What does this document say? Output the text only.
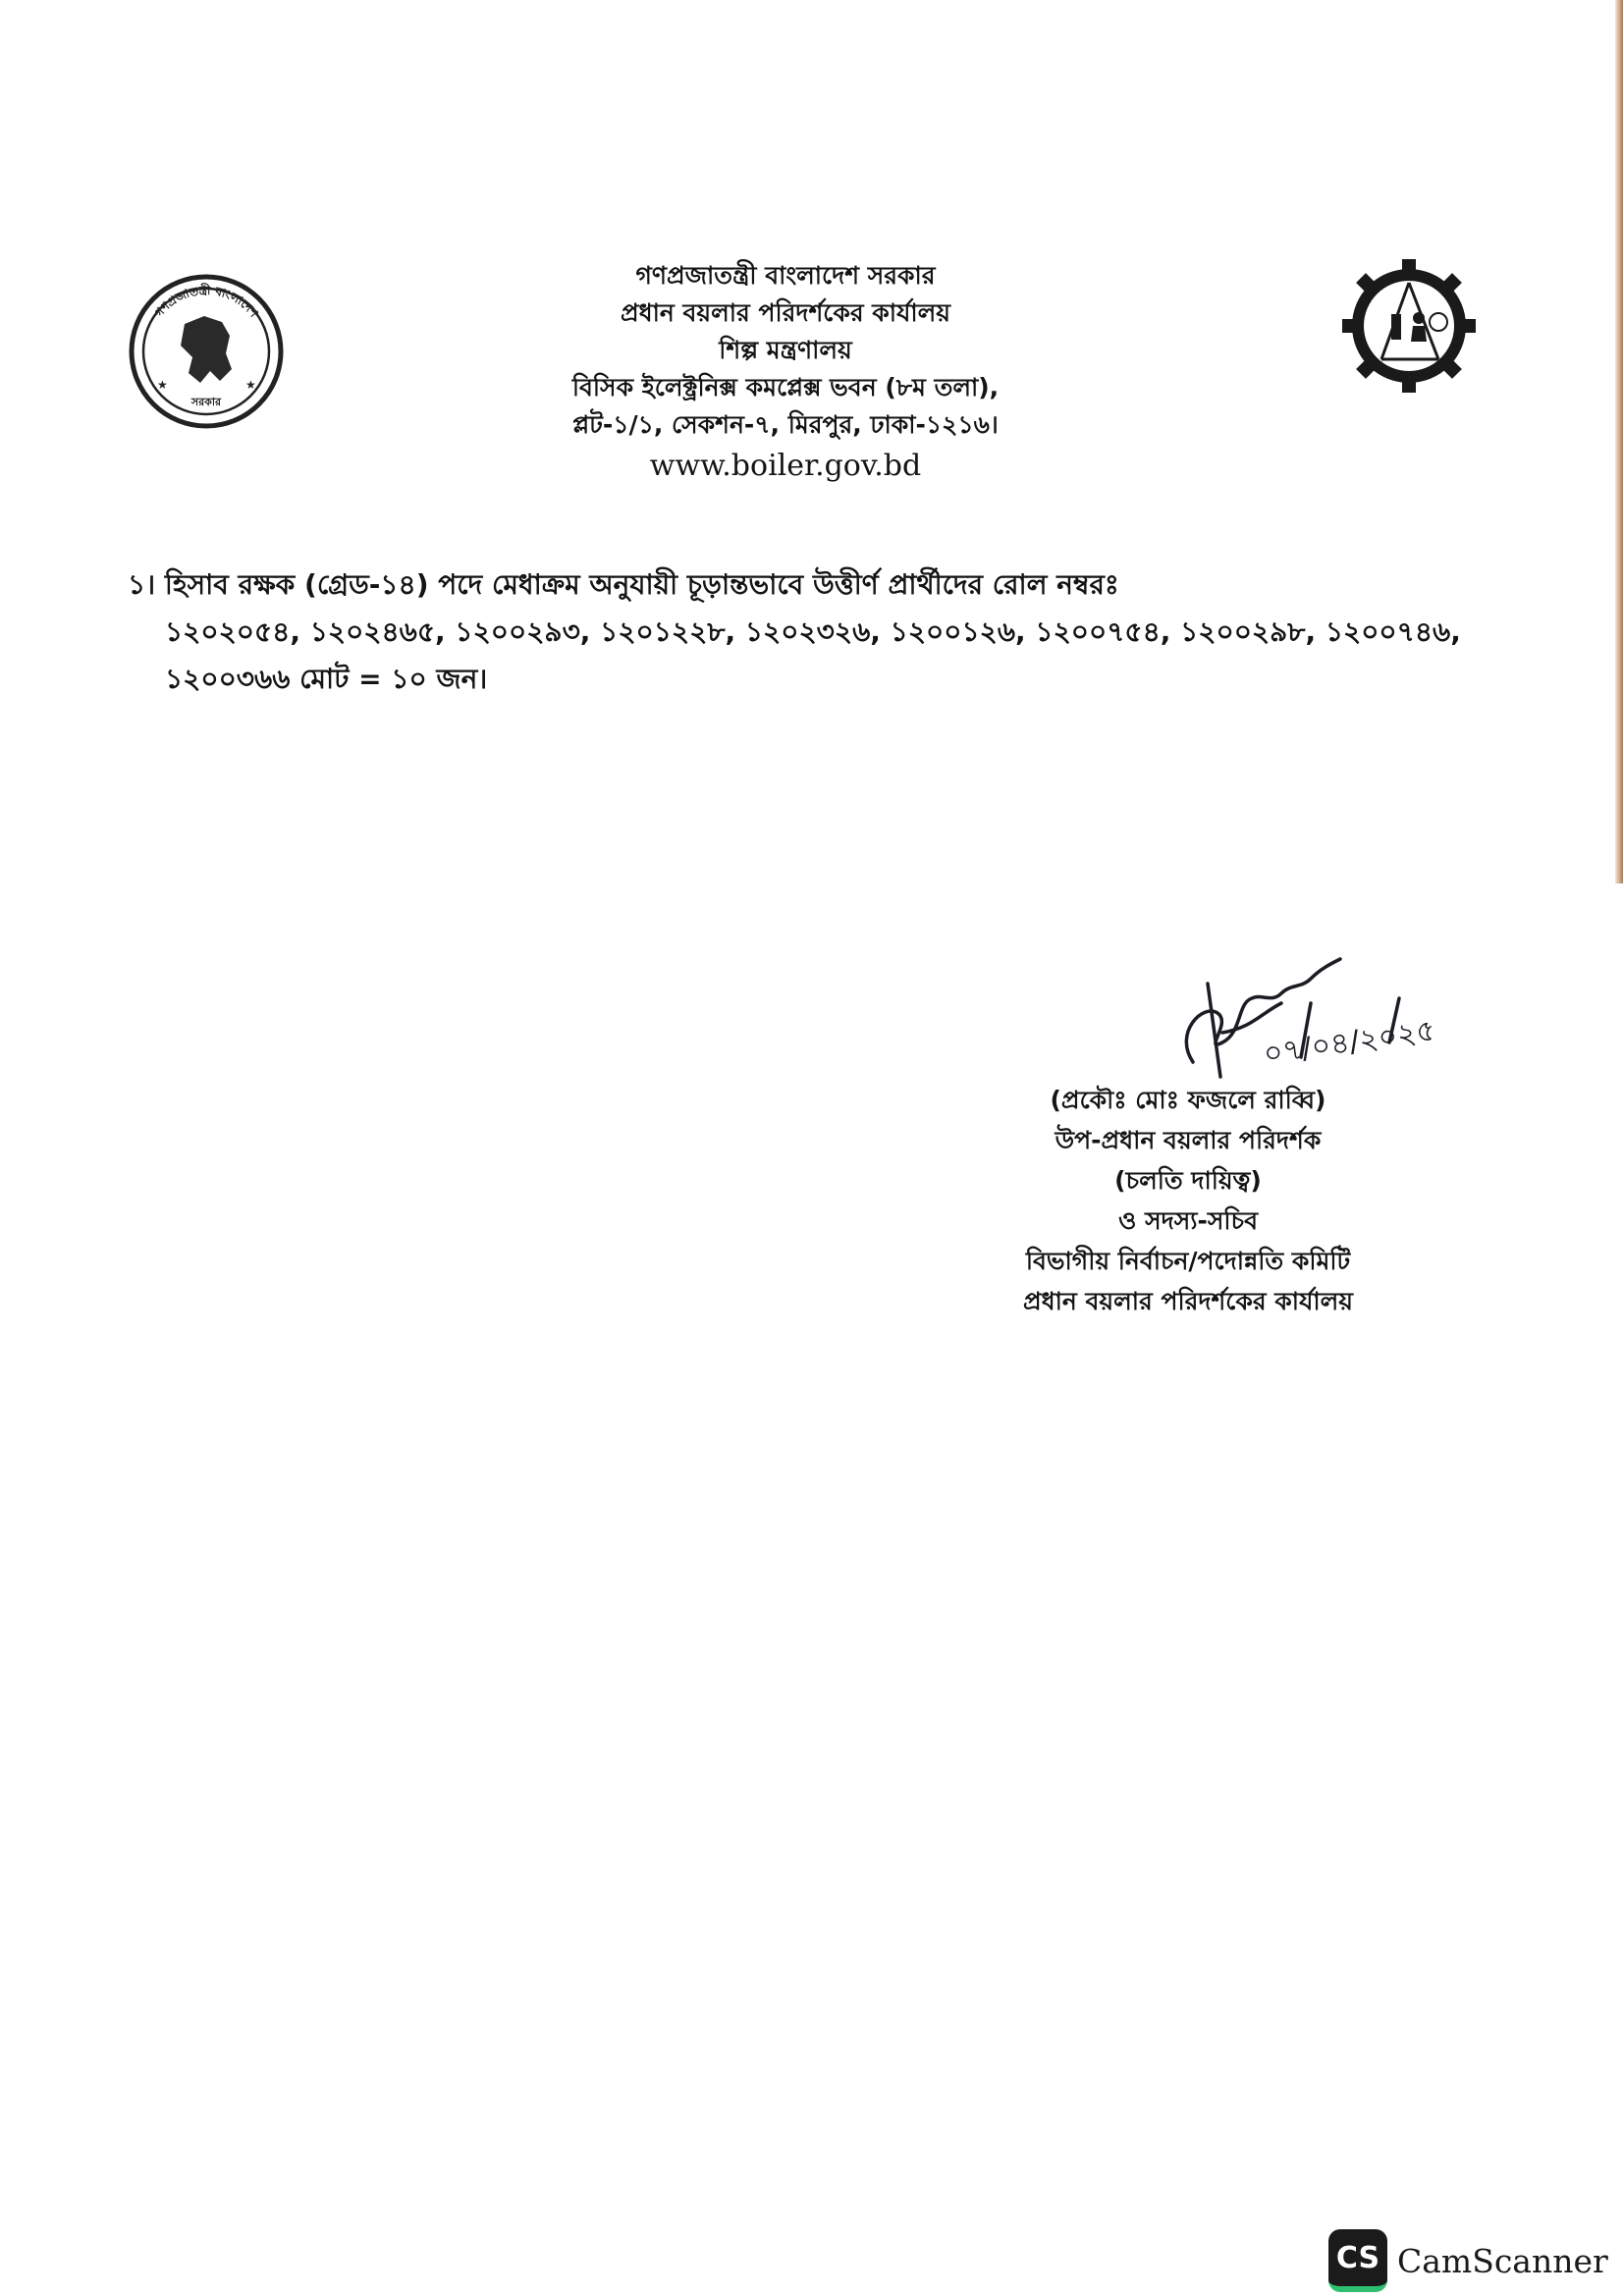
গণপ্রজাতন্ত্রী বাংলাদেশ
সরকার
★	★
গণপ্রজাতন্ত্রী বাংলাদেশ সরকার
প্রধান বয়লার পরিদর্শকের কার্যালয়
শিল্প মন্ত্রণালয়
বিসিক ইলেক্ট্রনিক্স কমপ্লেক্স ভবন (৮ম তলা),
প্লট-১/১, সেকশন-৭, মিরপুর, ঢাকা-১২১৬।
www.boiler.gov.bd
১। হিসাব রক্ষক (গ্রেড-১৪) পদে মেধাক্রম অনুযায়ী চূড়ান্তভাবে উত্তীর্ণ প্রার্থীদের রোল নম্বরঃ
১২০২০৫৪, ১২০২৪৬৫, ১২০০২৯৩, ১২০১২২৮, ১২০২৩২৬, ১২০০১২৬, ১২০০৭৫৪, ১২০০২৯৮, ১২০০৭৪৬,
১২০০৩৬৬ মোট = ১০ জন।
০৭/০৪/২০২৫
(প্রকৌঃ মোঃ ফজলে রাব্বি)
উপ-প্রধান বয়লার পরিদর্শক
(চলতি দায়িত্ব)
ও সদস্য-সচিব
বিভাগীয় নির্বাচন/পদোন্নতি কমিটি
প্রধান বয়লার পরিদর্শকের কার্যালয়
CS CamScanner
